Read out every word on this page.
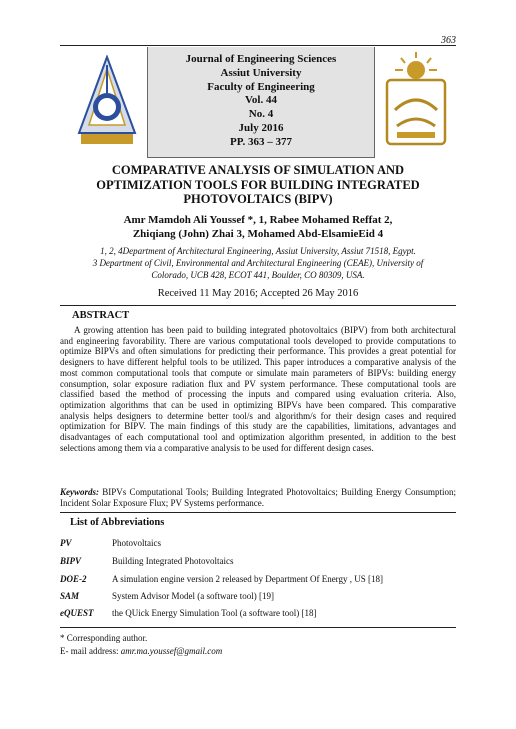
363
Journal of Engineering Sciences
Assiut University
Faculty of Engineering
Vol. 44
No. 4
July 2016
PP. 363 – 377
COMPARATIVE ANALYSIS OF SIMULATION AND
OPTIMIZATION TOOLS FOR BUILDING INTEGRATED
PHOTOVOLTAICS (BIPV)
Amr Mamdoh Ali Youssef *, 1, Rabee Mohamed Reffat 2,
Zhiqiang (John) Zhai 3, Mohamed Abd-ElsamieEid 4
1, 2, 4Department of Architectural Engineering, Assiut University, Assiut 71518, Egypt.
3 Department of Civil, Environmental and Architectural Engineering (CEAE), University of
Colorado, UCB 428, ECOT 441, Boulder, CO 80309, USA.
Received 11 May 2016; Accepted 26 May 2016
ABSTRACT
A growing attention has been paid to building integrated photovoltaics (BIPV) from both architectural and engineering favorability. There are various computational tools developed to provide computations to optimize BIPVs and often simulations for predicting their performance. This provides a great potential for designers to have different helpful tools to be utilized. This paper introduces a comparative analysis of the most common computational tools that compute or simulate main parameters of BIPVs: building energy consumption, solar exposure radiation flux and PV system performance. These computational tools are classified based the method of processing the inputs and compared using evaluation criteria. Also, optimization algorithms that can be used in optimizing BIPVs have been compared. This comparative analysis helps designers to determine better tool/s and algorithm/s for their design cases and required optimization for BIPV. The main findings of this study are the capabilities, limitations, advantages and disadvantages of each computational tool and optimization algorithm presented, in addition to the best selections among them via a comparative analysis to be used for different design cases.
Keywords: BIPVs Computational Tools; Building Integrated Photovoltaics; Building Energy Consumption; Incident Solar Exposure Flux; PV Systems performance.
List of Abbreviations
PV	Photovoltaics
BIPV	Building Integrated Photovoltaics
DOE-2	A simulation engine version 2 released by Department Of Energy , US [18]
SAM	System Advisor Model (a software tool) [19]
eQUEST the QUick Energy Simulation Tool (a software tool) [18]
* Corresponding author.
E- mail address: amr.ma.youssef@gmail.com
